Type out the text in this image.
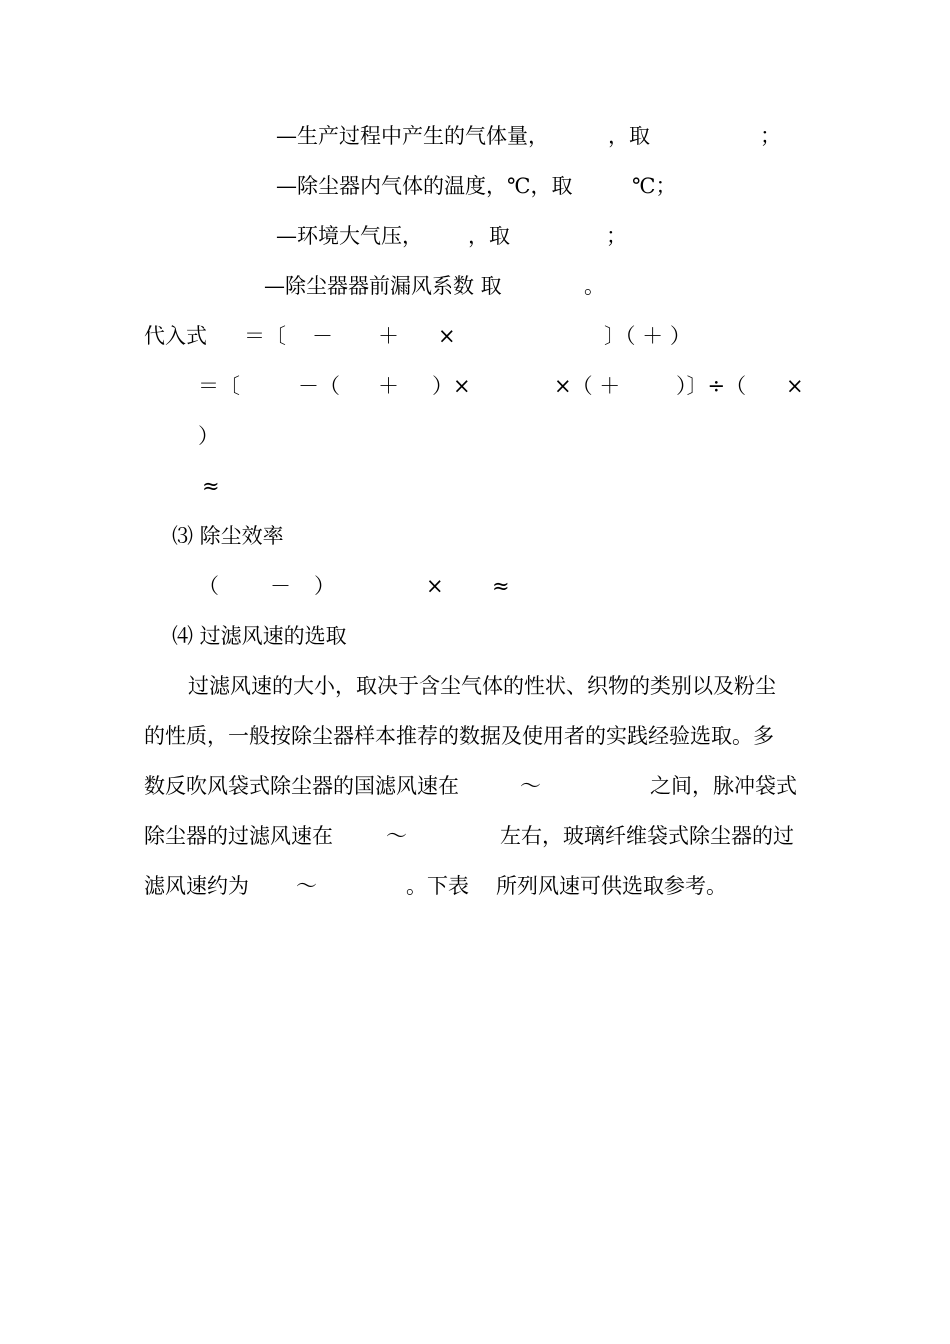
—生产过程中产生的气体量，	，取	；
—除尘器内气体的温度，℃，取	℃；
—环境大气压， ，取	；
—除尘器器前漏风系数 取	。
代入式 ＝〔 － ＋ ×	〕（ ＋ ）
＝〔	－（ ＋ ）×	×（ ＋	）〕÷（ ×
）
≈
⑶ 除尘效率
（ － ）	× ≈
⑷ 过滤风速的选取
过滤风速的大小，取决于含尘气体的性状、织物的类别以及粉尘
的性质，一般按除尘器样本推荐的数据及使用者的实践经验选取。多
数反吹风袋式除尘器的国滤风速在	～	之间，脉冲袋式
除尘器的过滤风速在	～	左右，玻璃纤维袋式除尘器的过
滤风速约为 ～	。下表 所列风速可供选取参考。
